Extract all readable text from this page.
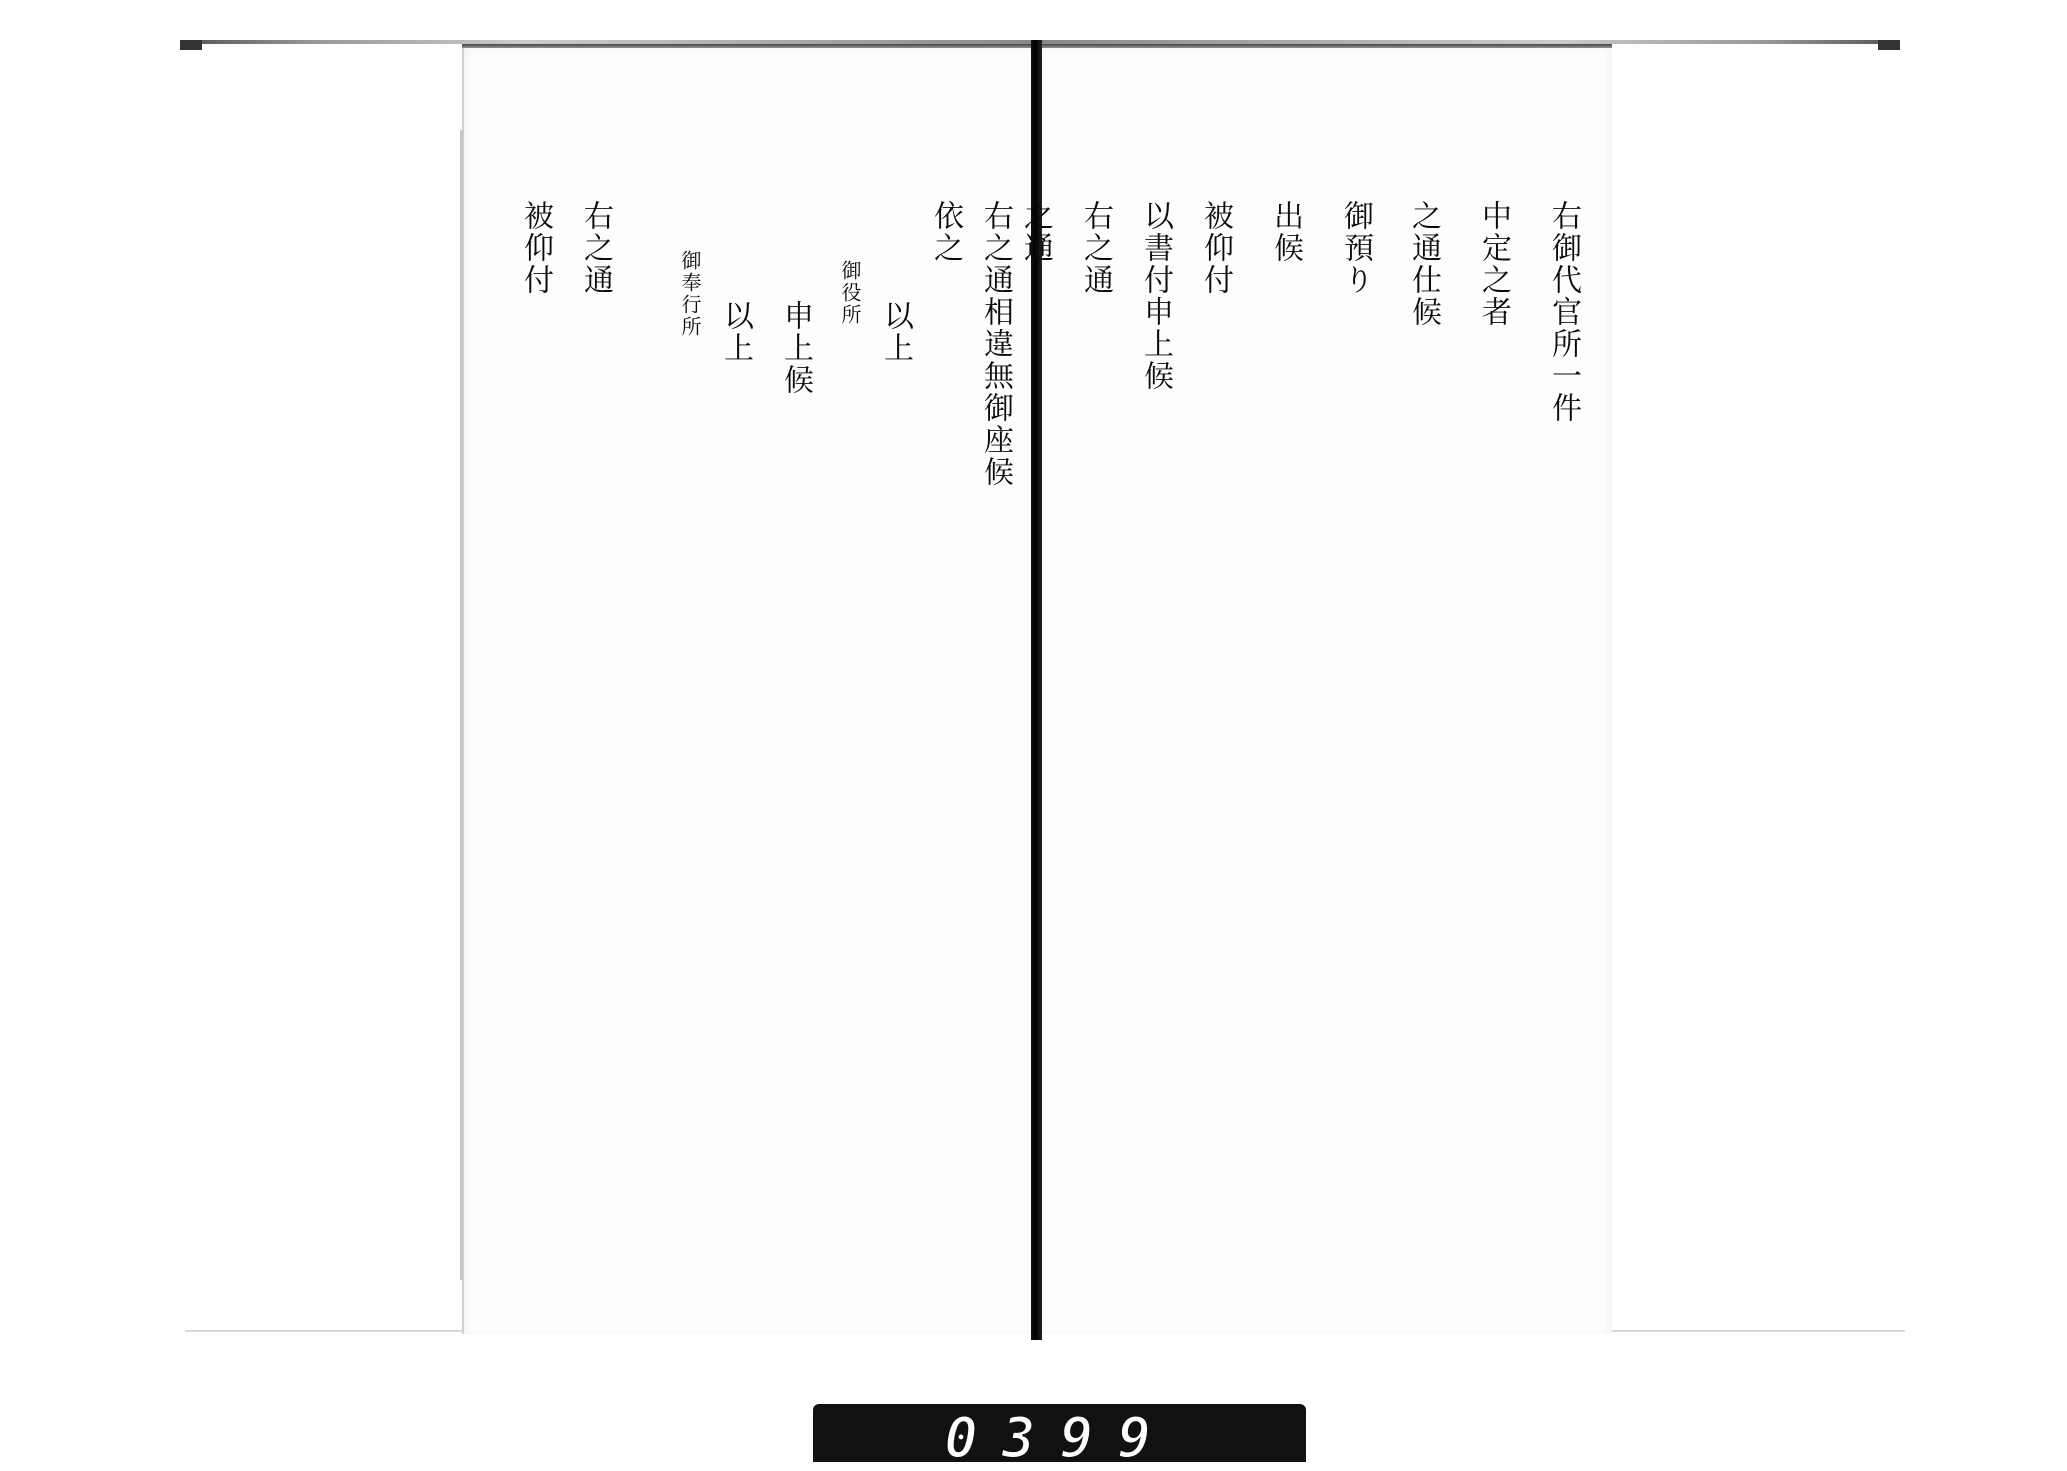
右御代官所一件
中定之者
之通仕候
御預り
出候
被仰付
以書付申上候
右之通
之通
右之通相違無御座候
依之
以上
御役所
申上候
以上
御奉行所
右之通
被仰付
0399
